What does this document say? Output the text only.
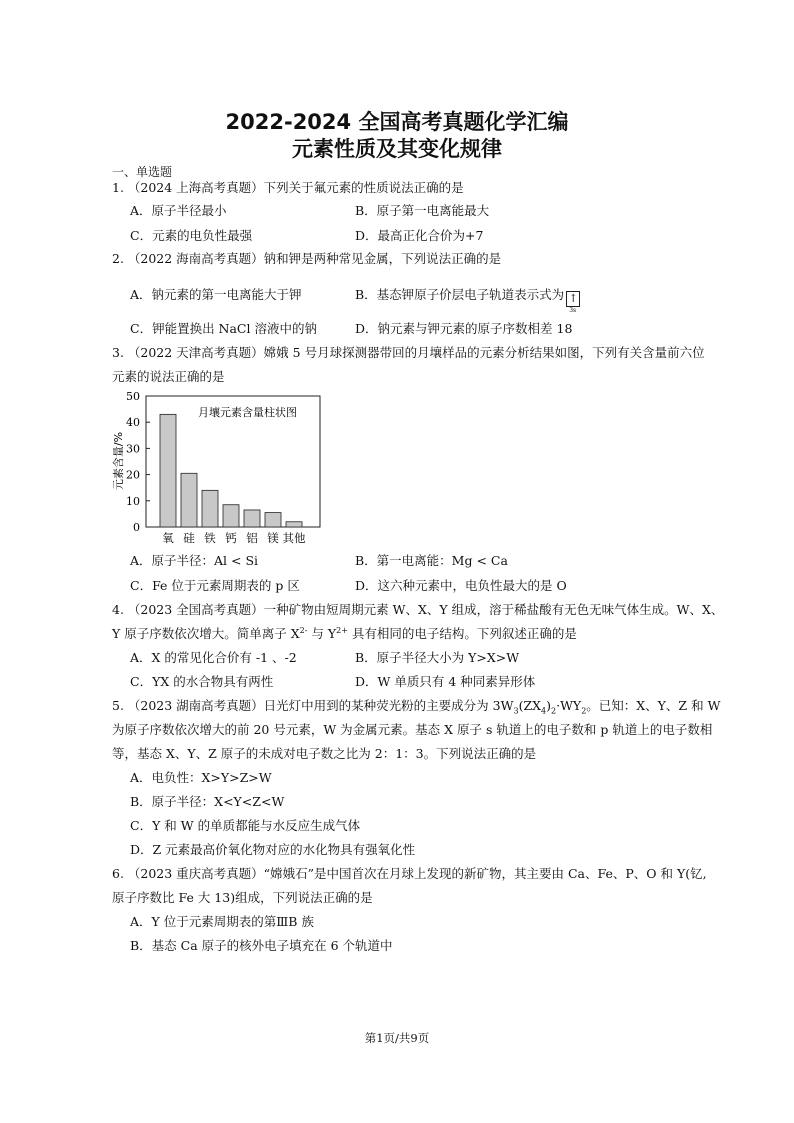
2022-2024 全国高考真题化学汇编
元素性质及其变化规律
一、单选题
1. （2024 上海高考真题）下列关于氟元素的性质说法正确的是
A．原子半径最小	B．原子第一电离能最大
C．元素的电负性最强	D．最高正化合价为+7
2. （2022 海南高考真题）钠和钾是两种常见金属，下列说法正确的是
A．钠元素的第一电离能大于钾	B．基态钾原子价层电子轨道表示式为 ↑
3s
C．钾能置换出 NaCl 溶液中的钠	D．钠元素与钾元素的原子序数相差 18
3. （2022 天津高考真题）嫦娥 5 号月球探测器带回的月壤样品的元素分析结果如图，下列有关含量前六位
元素的说法正确的是
月壤元素含量柱状图
元素含量/%
0
10
20
30
40
50
氧 硅 铁 钙 铝 镁 其他
A．原子半径：Al < Si	B．第一电离能：Mg < Ca
C．Fe 位于元素周期表的 p 区	D．这六种元素中，电负性最大的是 O
4. （2023 全国高考真题）一种矿物由短周期元素 W、X、Y 组成，溶于稀盐酸有无色无味气体生成。W、X、
Y 原子序数依次增大。简单离子 $X^{2-}$ 与 $Y^{2+}$ 具有相同的电子结构。下列叙述正确的是
A．X 的常见化合价有 -1 、-2	B．原子半径大小为 Y>X>W
C．YX 的水合物具有两性	D．W 单质只有 4 种同素异形体
5. （2023 湖南高考真题）日光灯中用到的某种荧光粉的主要成分为 $3W_3(ZX_4)_2\cdot WY_2$。已知：X、Y、Z 和 W
为原子序数依次增大的前 20 号元素，W 为金属元素。基态 X 原子 s 轨道上的电子数和 p 轨道上的电子数相
等，基态 X、Y、Z 原子的未成对电子数之比为 2：1：3。下列说法正确的是
A．电负性：X>Y>Z>W
B．原子半径：X<Y<Z<W
C．Y 和 W 的单质都能与水反应生成气体
D．Z 元素最高价氧化物对应的水化物具有强氧化性
6. （2023 重庆高考真题）“嫦娥石”是中国首次在月球上发现的新矿物，其主要由 Ca、Fe、P、O 和 Y(钇,
原子序数比 Fe 大 13)组成，下列说法正确的是
A．Y 位于元素周期表的第ⅢB 族
B．基态 Ca 原子的核外电子填充在 6 个轨道中
第1页/共9页
